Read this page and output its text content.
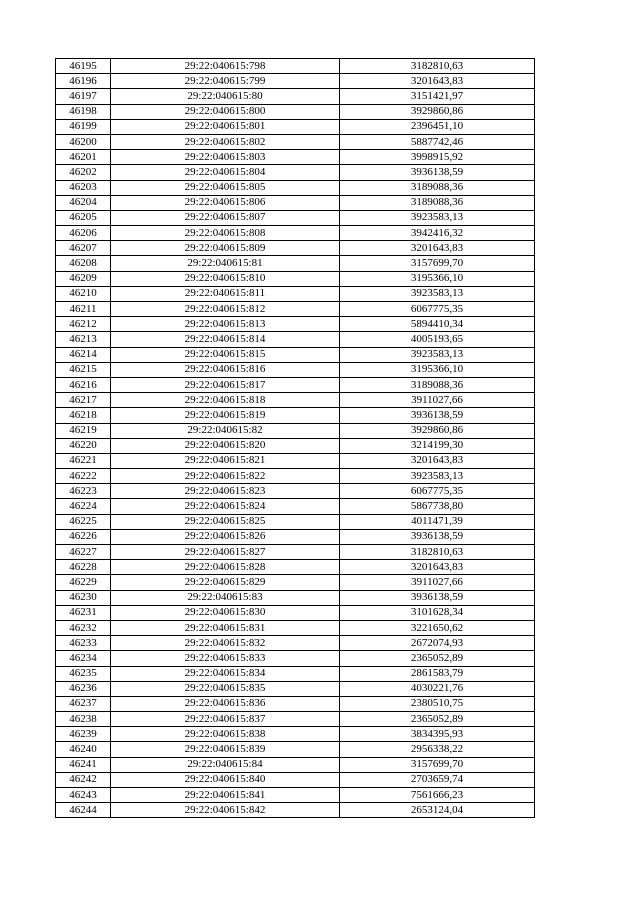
46195	29:22:040615:798	3182810,63
46196	29:22:040615:799	3201643,83
46197	29:22:040615:80	3151421,97
46198	29:22:040615:800	3929860,86
46199	29:22:040615:801	2396451,10
46200	29:22:040615:802	5887742,46
46201	29:22:040615:803	3998915,92
46202	29:22:040615:804	3936138,59
46203	29:22:040615:805	3189088,36
46204	29:22:040615:806	3189088,36
46205	29:22:040615:807	3923583,13
46206	29:22:040615:808	3942416,32
46207	29:22:040615:809	3201643,83
46208	29:22:040615:81	3157699,70
46209	29:22:040615:810	3195366,10
46210	29:22:040615:811	3923583,13
46211	29:22:040615:812	6067775,35
46212	29:22:040615:813	5894410,34
46213	29:22:040615:814	4005193,65
46214	29:22:040615:815	3923583,13
46215	29:22:040615:816	3195366,10
46216	29:22:040615:817	3189088,36
46217	29:22:040615:818	3911027,66
46218	29:22:040615:819	3936138,59
46219	29:22:040615:82	3929860,86
46220	29:22:040615:820	3214199,30
46221	29:22:040615:821	3201643,83
46222	29:22:040615:822	3923583,13
46223	29:22:040615:823	6067775,35
46224	29:22:040615:824	5867738,80
46225	29:22:040615:825	4011471,39
46226	29:22:040615:826	3936138,59
46227	29:22:040615:827	3182810,63
46228	29:22:040615:828	3201643,83
46229	29:22:040615:829	3911027,66
46230	29:22:040615:83	3936138,59
46231	29:22:040615:830	3101628,34
46232	29:22:040615:831	3221650,62
46233	29:22:040615:832	2672074,93
46234	29:22:040615:833	2365052,89
46235	29:22:040615:834	2861583,79
46236	29:22:040615:835	4030221,76
46237	29:22:040615:836	2380510,75
46238	29:22:040615:837	2365052,89
46239	29:22:040615:838	3834395,93
46240	29:22:040615:839	2956338,22
46241	29:22:040615:84	3157699,70
46242	29:22:040615:840	2703659,74
46243	29:22:040615:841	7561666,23
46244	29:22:040615:842	2653124,04
